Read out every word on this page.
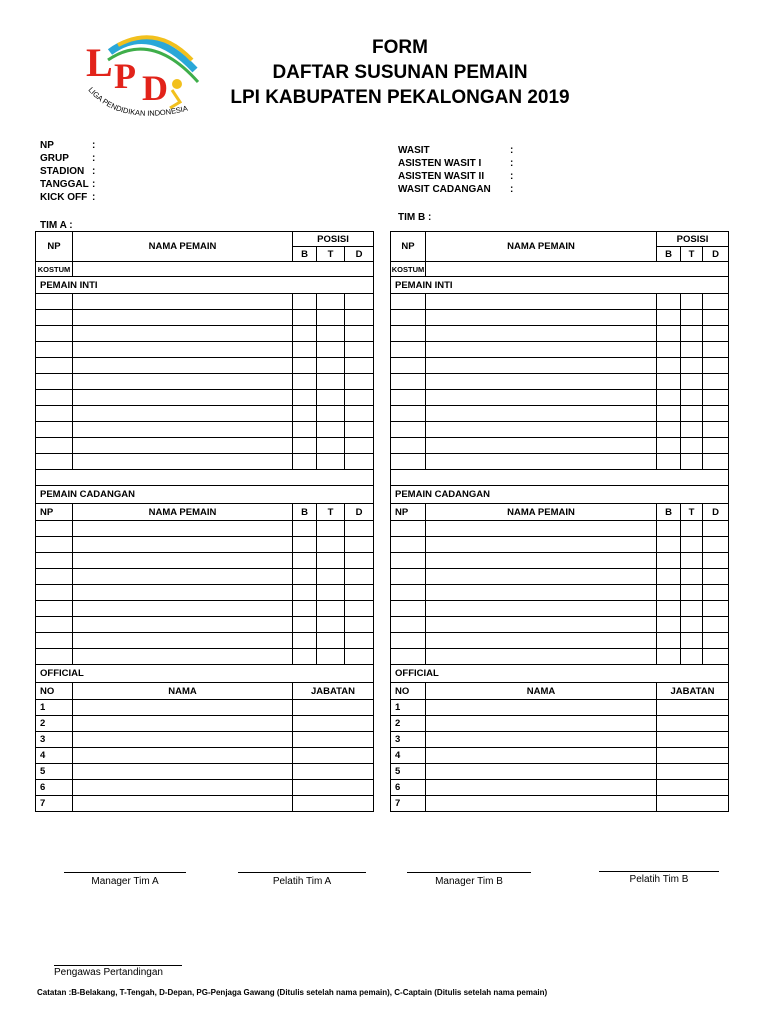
L P D
LIGA PENDIDIKAN INDONESIA
FORM
DAFTAR SUSUNAN PEMAIN
LPI KABUPATEN PEKALONGAN 2019
NP	:
GRUP	:
STADION :
TANGGAL :
KICK OFF :
WASIT	:
ASISTEN WASIT I	:
ASISTEN WASIT II	:
WASIT CADANGAN	:
TIM A :
TIM B :
NP	NAMA PEMAIN	POSISI		
		B	T	D
KOSTUM				
PEMAIN INTI				

PEMAIN CADANGAN				
NP	NAMA PEMAIN	B	T	D

OFFICIAL				
NO	NAMA	JABATAN		
1				
2				
3				
4				
5				
6				
7				
NP	NAMA PEMAIN	POSISI		
		B	T	D
KOSTUM				
PEMAIN INTI				

PEMAIN CADANGAN				
NP	NAMA PEMAIN	B	T	D

OFFICIAL				
NO	NAMA	JABATAN		
1				
2				
3				
4				
5				
6				
7				
Manager Tim A	Pelatih Tim A	Manager Tim B	Pelatih Tim B
Pengawas Pertandingan
Catatan :B-Belakang, T-Tengah, D-Depan, PG-Penjaga Gawang (Ditulis setelah nama pemain), C-Captain (Ditulis setelah nama pemain)
